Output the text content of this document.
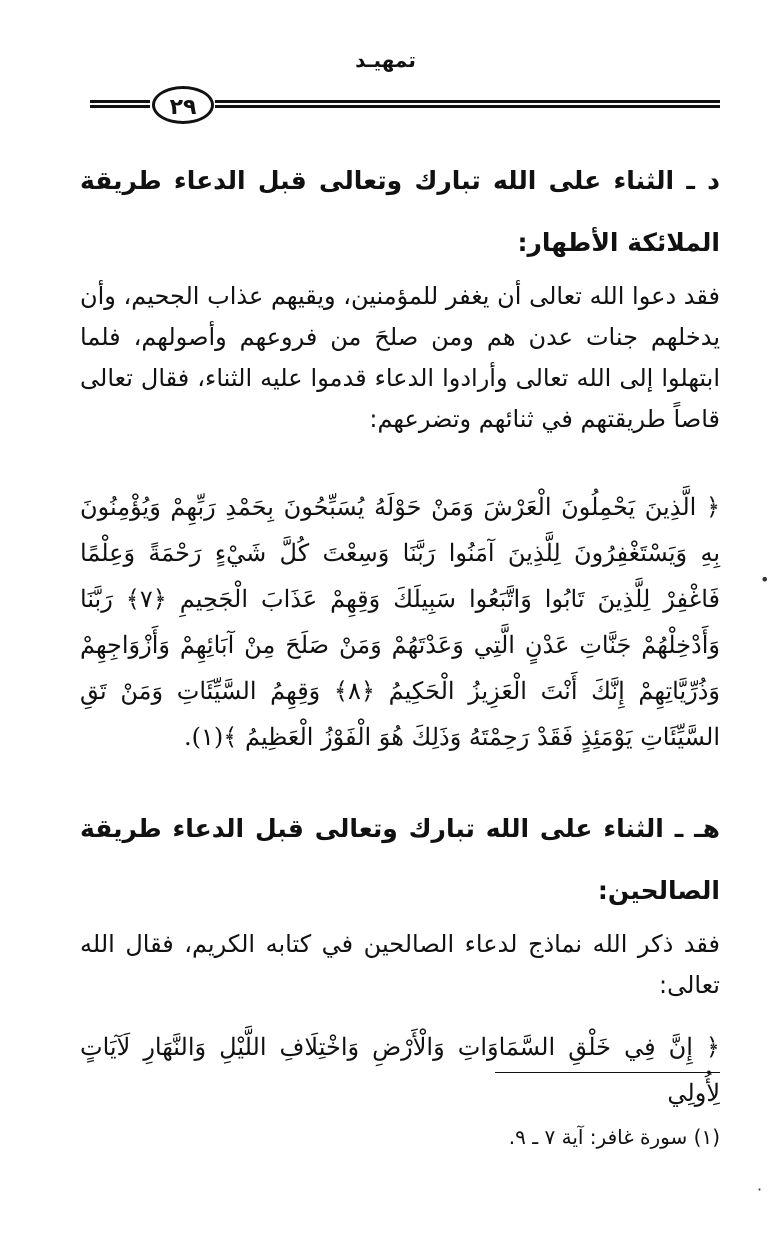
تمهيـد
٢٩
د ـ الثناء على الله تبارك وتعالى قبل الدعاء طريقة الملائكة الأطهار:
فقد دعوا الله تعالى أن يغفر للمؤمنين، ويقيهم عذاب الجحيم، وأن يدخلهم جنات عدن هم ومن صلحَ من فروعهم وأصولهم، فلما ابتهلوا إلى الله تعالى وأرادوا الدعاء قدموا عليه الثناء، فقال تعالى قاصاً طريقتهم في ثنائهم وتضرعهم:
﴿ الَّذِينَ يَحْمِلُونَ الْعَرْشَ وَمَنْ حَوْلَهُ يُسَبِّحُونَ بِحَمْدِ رَبِّهِمْ وَيُؤْمِنُونَ بِهِ وَيَسْتَغْفِرُونَ لِلَّذِينَ آمَنُوا رَبَّنَا وَسِعْتَ كُلَّ شَيْءٍ رَحْمَةً وَعِلْمًا فَاغْفِرْ لِلَّذِينَ تَابُوا وَاتَّبَعُوا سَبِيلَكَ وَقِهِمْ عَذَابَ الْجَحِيمِ ﴿٧﴾ رَبَّنَا وَأَدْخِلْهُمْ جَنَّاتِ عَدْنٍ الَّتِي وَعَدْتَهُمْ وَمَنْ صَلَحَ مِنْ آبَائِهِمْ وَأَزْوَاجِهِمْ وَذُرِّيَّاتِهِمْ إِنَّكَ أَنْتَ الْعَزِيزُ الْحَكِيمُ ﴿٨﴾ وَقِهِمُ السَّيِّئَاتِ وَمَنْ تَقِ السَّيِّئَاتِ يَوْمَئِذٍ فَقَدْ رَحِمْتَهُ وَذَلِكَ هُوَ الْفَوْزُ الْعَظِيمُ ﴾(١).
هـ ـ الثناء على الله تبارك وتعالى قبل الدعاء طريقة الصالحين:
فقد ذكر الله نماذج لدعاء الصالحين في كتابه الكريم، فقال الله تعالى:
﴿ إِنَّ فِي خَلْقِ السَّمَاوَاتِ وَالْأَرْضِ وَاخْتِلَافِ اللَّيْلِ وَالنَّهَارِ لَآيَاتٍ لِأُولِي
(١) سورة غافر: آية ٧ ـ ٩.
•
·
